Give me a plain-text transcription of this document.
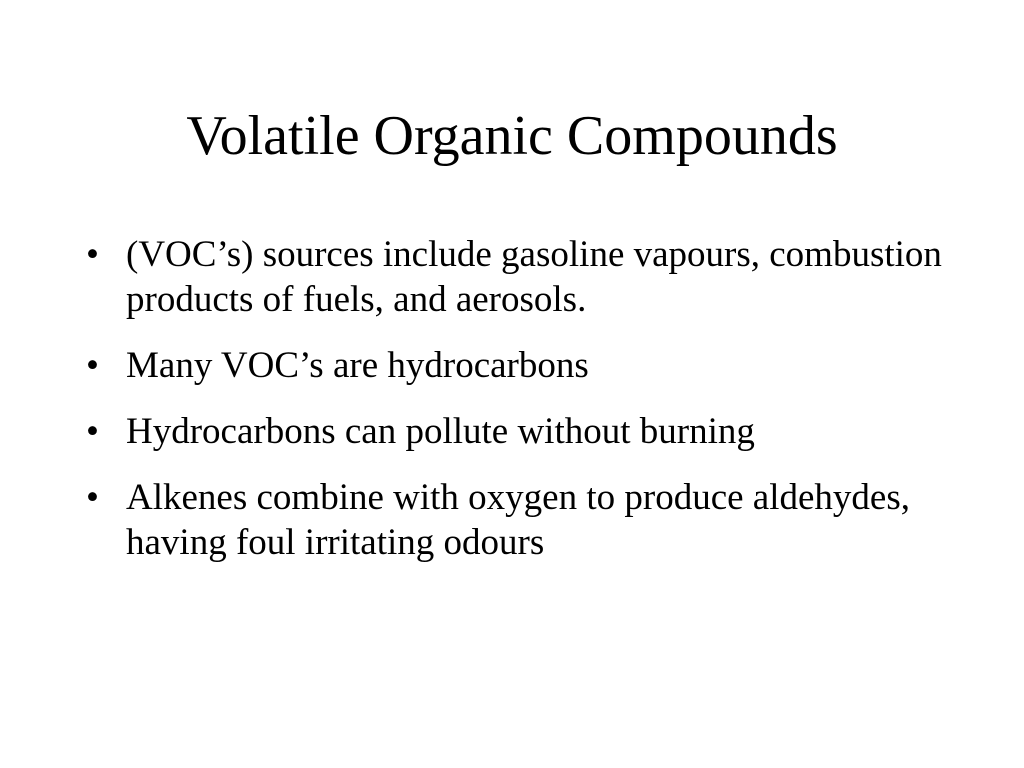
Volatile Organic Compounds
• (VOC’s) sources include gasoline vapours, combustion products of fuels, and aerosols.
• Many VOC’s are hydrocarbons
• Hydrocarbons can pollute without burning
• Alkenes combine with oxygen to produce aldehydes, having foul irritating odours
